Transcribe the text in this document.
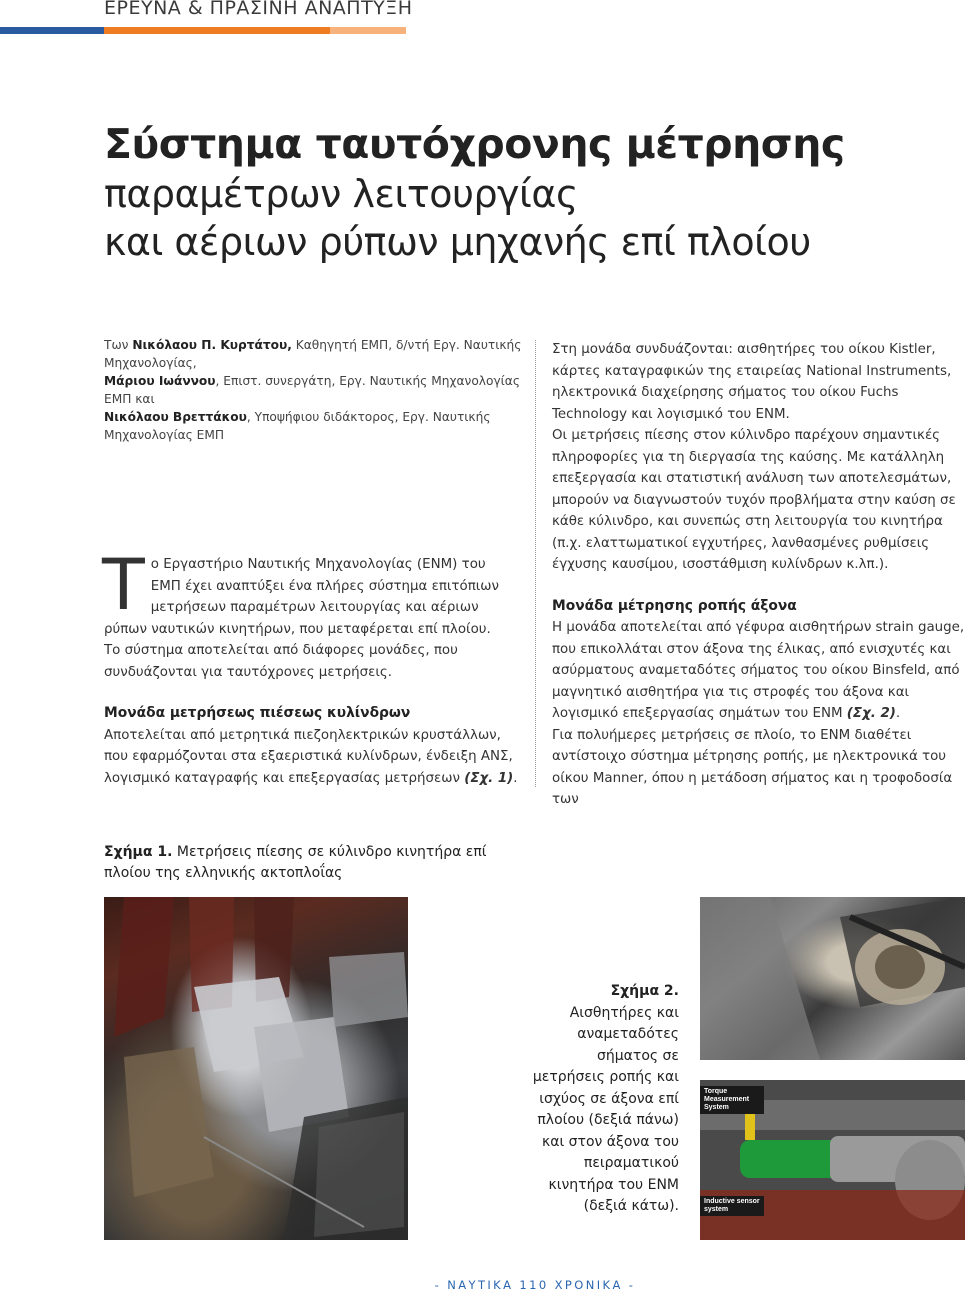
ΕΡΕΥΝΑ & ΠΡΑΣΙΝΗ ΑΝΑΠΤΥΞΗ
Σύστημα ταυτόχρονης μέτρησης
παραμέτρων λειτουργίας
και αέριων ρύπων μηχανής επί πλοίου

Των Νικόλαου Π. Κυρτάτου, Καθηγητή ΕΜΠ, δ/ντή Εργ. Ναυτικής Μηχανολογίας,
Μάριου Ιωάννου, Επιστ. συνεργάτη, Εργ. Ναυτικής Μηχανολογίας ΕΜΠ και
Νικόλαου Βρεττάκου, Υποψήφιου διδάκτορος, Εργ. Ναυτικής Μηχανολογίας ΕΜΠ

Το Εργαστήριο Ναυτικής Μηχανολογίας (ΕΝΜ) του ΕΜΠ έχει αναπτύξει ένα πλήρες σύστημα επιτόπιων μετρήσεων παραμέτρων λειτουργίας και αέριων ρύπων ναυτικών κινητήρων, που μεταφέρεται επί πλοίου.

Το σύστημα αποτελείται από διάφορες μονάδες, που συνδυάζονται για ταυτόχρονες μετρήσεις.

Μονάδα μετρήσεως πιέσεως κυλίνδρων

Αποτελείται από μετρητικά πιεζοηλεκτρικών κρυστάλλων, που εφαρμόζονται στα εξαεριστικά κυλίνδρων, ένδειξη ΑΝΣ, λογισμικό καταγραφής και επεξεργασίας μετρήσεων (Σχ. 1).

Στη μονάδα συνδυάζονται: αισθητήρες του οίκου Kistler, κάρτες καταγραφικών της εταιρείας National Instruments, ηλεκτρονικά διαχείρησης σήματος του οίκου Fuchs Technology και λογισμικό του ΕΝΜ.

Οι μετρήσεις πίεσης στον κύλινδρο παρέχουν σημαντικές πληροφορίες για τη διεργασία της καύσης. Με κατάλληλη επεξεργασία και στατιστική ανάλυση των αποτελεσμάτων, μπορούν να διαγνωστούν τυχόν προβλήματα στην καύση σε κάθε κύλινδρο, και συνεπώς στη λειτουργία του κινητήρα (π.χ. ελαττωματικοί εγχυτήρες, λανθασμένες ρυθμίσεις έγχυσης καυσίμου, ισοστάθμιση κυλίνδρων κ.λπ.).

Μονάδα μέτρησης ροπής άξονα

Η μονάδα αποτελείται από γέφυρα αισθητήρων strain gauge, που επικολλάται στον άξονα της έλικας, από ενισχυτές και ασύρματους αναμεταδότες σήματος του οίκου Binsfeld, από μαγνητικό αισθητήρα για τις στροφές του άξονα και λογισμικό επεξεργασίας σημάτων του ΕΝΜ (Σχ. 2).

Για πολυήμερες μετρήσεις σε πλοίο, το ΕΝΜ διαθέτει αντίστοιχο σύστημα μέτρησης ροπής, με ηλεκτρονικά του οίκου Manner, όπου η μετάδοση σήματος και η τροφοδοσία των

Σχήμα 1. Μετρήσεις πίεσης σε κύλινδρο κινητήρα επί πλοίου της ελληνικής ακτοπλοΐας
Σχήμα 2.
Αισθητήρες και αναμεταδότες σήματος σε μετρήσεις ροπής και ισχύος σε άξονα επί πλοίου (δεξιά πάνω) και στον άξονα του πειραματικού κινητήρα του ΕΝΜ (δεξιά κάτω).
Torque Measurement System
Inductive sensor system
- ΝΑΥΤΙΚΑ 110 ΧΡΟΝΙΚΑ -
